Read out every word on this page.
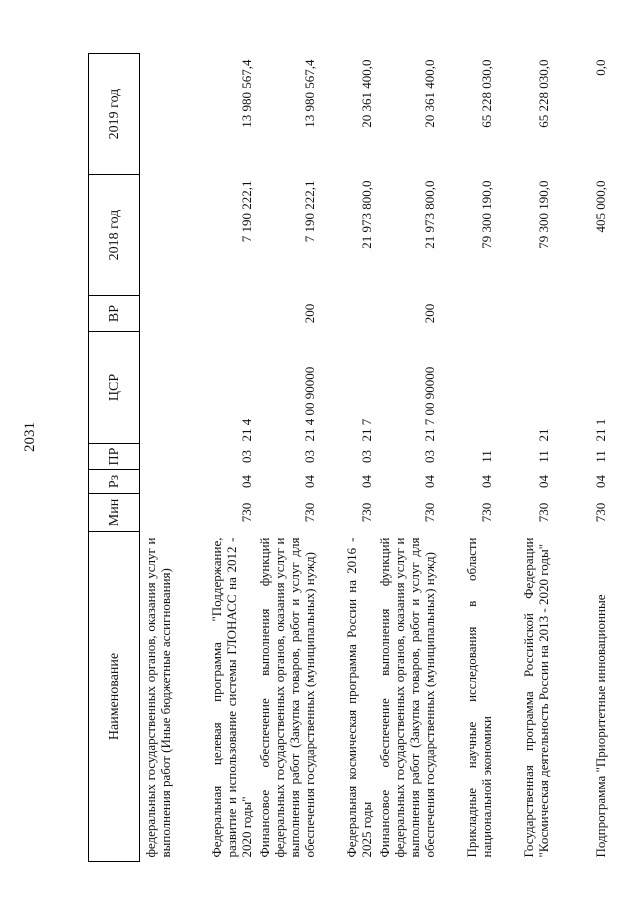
2031
Наименование	Мин	Рз	ПР	ЦСР	ВР	2018 год	2019 год
федеральных государственных органов, оказания услуг и выполнения работ (Иные бюджетные ассигнования)							
Федеральная целевая программа "Поддержание, развитие и использование системы ГЛОНАСС на 2012 - 2020 годы"	730	04	03	21 4		7 190 222,1	13 980 567,4
Финансовое обеспечение выполнения функций федеральных государственных органов, оказания услуг и выполнения работ (Закупка товаров, работ и услуг для обеспечения государственных (муниципальных) нужд)	730	04	03	21 4 00 90000	200	7 190 222,1	13 980 567,4
Федеральная космическая программа России на 2016 - 2025 годы	730	04	03	21 7		21 973 800,0	20 361 400,0
Финансовое обеспечение выполнения функций федеральных государственных органов, оказания услуг и выполнения работ (Закупка товаров, работ и услуг для обеспечения государственных (муниципальных) нужд)	730	04	03	21 7 00 90000	200	21 973 800,0	20 361 400,0
Прикладные научные исследования в области национальной экономики	730	04	11			79 300 190,0	65 228 030,0
Государственная программа Российской Федерации "Космическая деятельность России на 2013 - 2020 годы"	730	04	11	21		79 300 190,0	65 228 030,0
Подпрограмма "Приоритетные инновационные	730	04	11	21 1		405 000,0	0,0
